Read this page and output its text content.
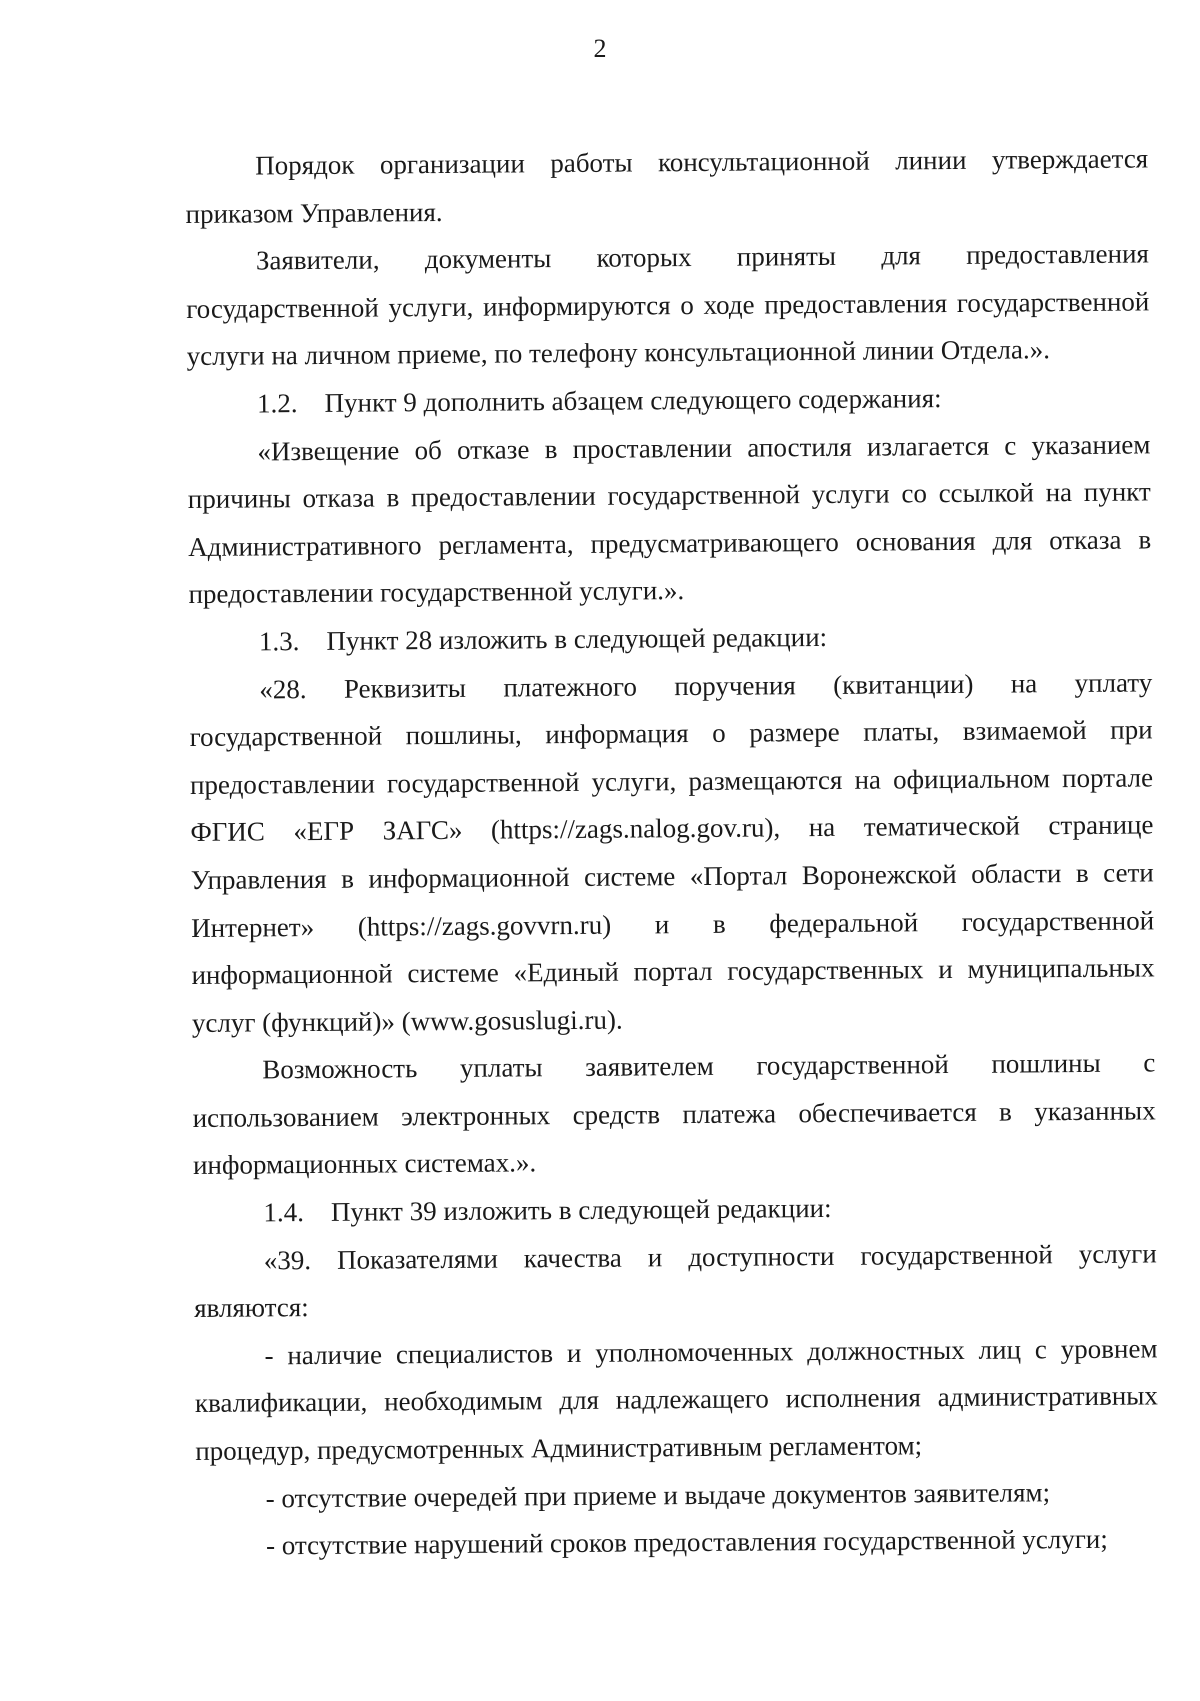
2

Порядок организации работы консультационной линии утверждается приказом Управления.

Заявители, документы которых приняты для предоставления государственной услуги, информируются о ходе предоставления государственной услуги на личном приеме, по телефону консультационной линии Отдела.».

1.2.    Пункт 9 дополнить абзацем следующего содержания:

«Извещение об отказе в проставлении апостиля излагается с указанием причины отказа в предоставлении государственной услуги со ссылкой на пункт Административного регламента, предусматривающего основания для отказа в предоставлении государственной услуги.».

1.3.    Пункт 28 изложить в следующей редакции:

«28. Реквизиты платежного поручения (квитанции) на уплату государственной пошлины, информация о размере платы, взимаемой при предоставлении государственной услуги, размещаются на официальном портале ФГИС «ЕГР ЗАГС» (https://zags.nalog.gov.ru), на тематической странице Управления в информационной системе «Портал Воронежской области в сети Интернет» (https://zags.govvrn.ru) и в федеральной государственной информационной системе «Единый портал государственных и муниципальных услуг (функций)» (www.gosuslugi.ru).

Возможность уплаты заявителем государственной пошлины с использованием электронных средств платежа обеспечивается в указанных информационных системах.».

1.4.    Пункт 39 изложить в следующей редакции:

«39. Показателями качества и доступности государственной услуги являются:

- наличие специалистов и уполномоченных должностных лиц с уровнем квалификации, необходимым для надлежащего исполнения административных процедур, предусмотренных Административным регламентом;

- отсутствие очередей при приеме и выдаче документов заявителям;

- отсутствие нарушений сроков предоставления государственной услуги;
